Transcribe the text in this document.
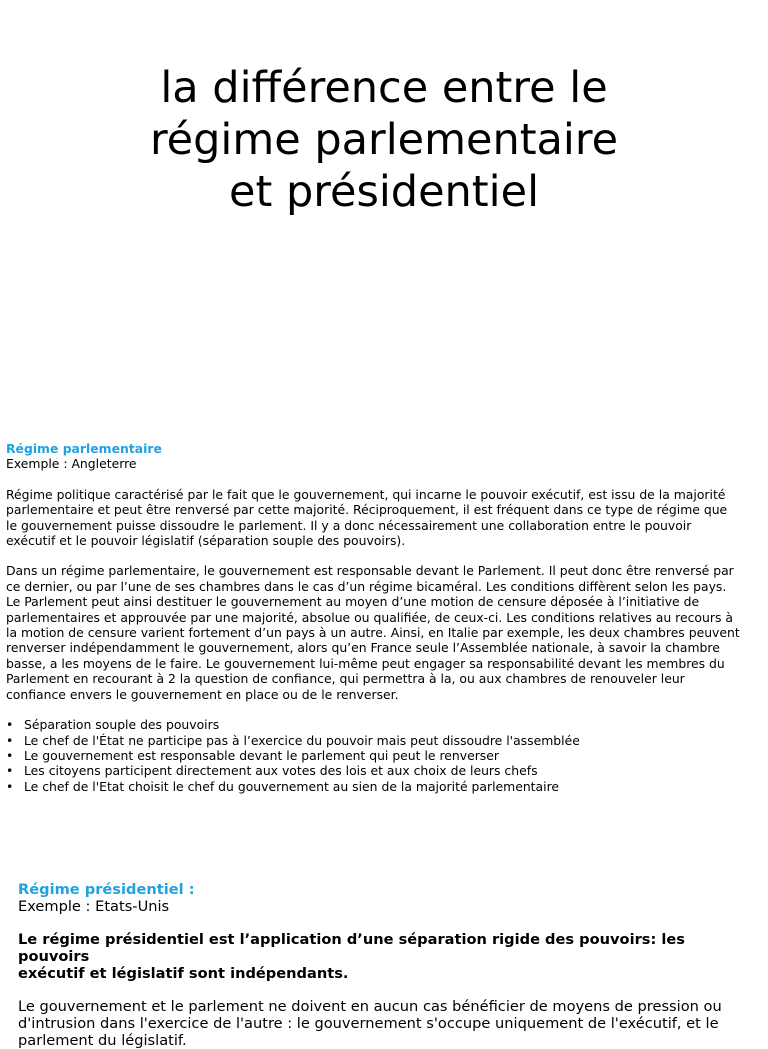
la différence entre le
régime parlementaire
et présidentiel
Régime parlementaire
Exemple : Angleterre
Régime politique caractérisé par le fait que le gouvernement, qui incarne le pouvoir exécutif, est issu de la majorité
parlementaire et peut être renversé par cette majorité. Réciproquement, il est fréquent dans ce type de régime que
le gouvernement puisse dissoudre le parlement. Il y a donc nécessairement une collaboration entre le pouvoir
exécutif et le pouvoir législatif (séparation souple des pouvoirs).
Dans un régime parlementaire, le gouvernement est responsable devant le Parlement. Il peut donc être renversé par
ce dernier, ou par l’une de ses chambres dans le cas d’un régime bicaméral. Les conditions diffèrent selon les pays.
Le Parlement peut ainsi destituer le gouvernement au moyen d’une motion de censure déposée à l’initiative de
parlementaires et approuvée par une majorité, absolue ou qualifiée, de ceux-ci. Les conditions relatives au recours à
la motion de censure varient fortement d’un pays à un autre. Ainsi, en Italie par exemple, les deux chambres peuvent
renverser indépendamment le gouvernement, alors qu’en France seule l’Assemblée nationale, à savoir la chambre
basse, a les moyens de le faire. Le gouvernement lui-même peut engager sa responsabilité devant les membres du
Parlement en recourant à 2 la question de confiance, qui permettra à la, ou aux chambres de renouveler leur
confiance envers le gouvernement en place ou de le renverser.
• Séparation souple des pouvoirs
• Le chef de l'État ne participe pas à l’exercice du pouvoir mais peut dissoudre l'assemblée
• Le gouvernement est responsable devant le parlement qui peut le renverser
• Les citoyens participent directement aux votes des lois et aux choix de leurs chefs
• Le chef de l'Etat choisit le chef du gouvernement au sien de la majorité parlementaire
Régime présidentiel :
Exemple : Etats-Unis
Le régime présidentiel est l’application d’une séparation rigide des pouvoirs: les pouvoirs
exécutif et législatif sont indépendants.
Le gouvernement et le parlement ne doivent en aucun cas bénéficier de moyens de pression ou
d'intrusion dans l'exercice de l'autre : le gouvernement s'occupe uniquement de l'exécutif, et le
parlement du législatif.
